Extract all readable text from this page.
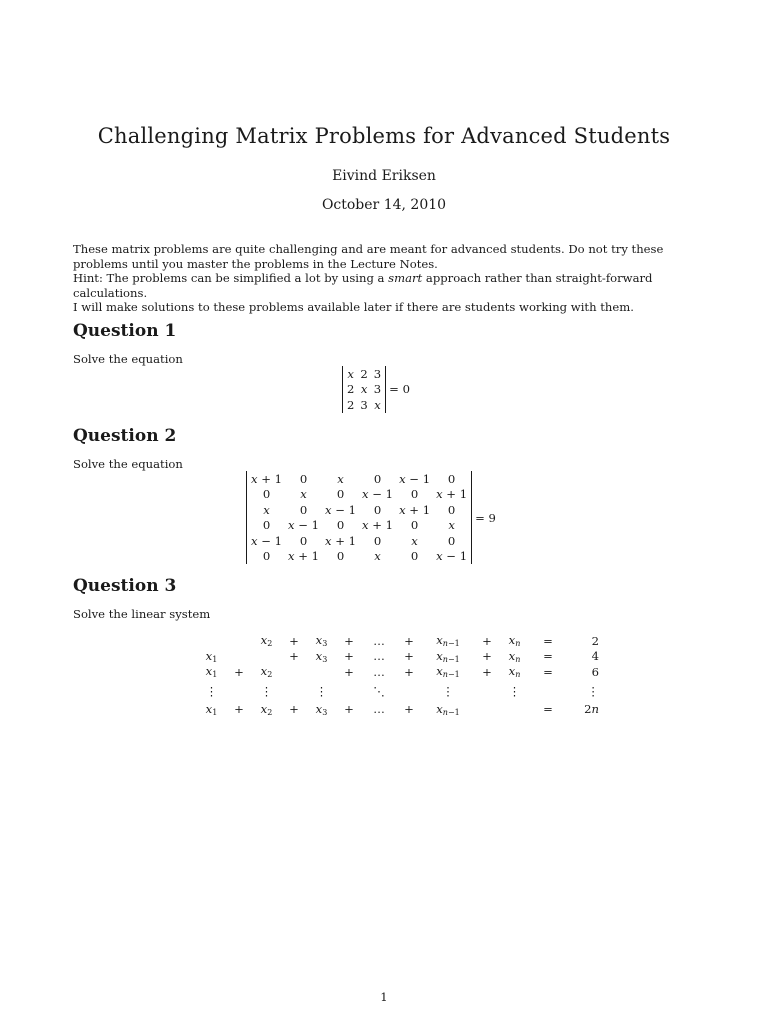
Challenging Matrix Problems for Advanced Students
Eivind Eriksen
October 14, 2010

These matrix problems are quite challenging and are meant for advanced students. Do not try these problems until you master the problems in the Lecture Notes.

Hint: The problems can be simplified a lot by using a smart approach rather than straight-forward calculations.

I will make solutions to these problems available later if there are students working with them.

Question 1
Solve the equation
x	2	3
2	x	3
2	3	x
= 0
Question 2
Solve the equation
x + 1	0	x	0	x − 1	0
0	x	0	x − 1	0	x + 1
x	0	x − 1	0	x + 1	0
0	x − 1	0	x + 1	0	x
x − 1	0	x + 1	0	x	0
0	x + 1	0	x	0	x − 1
= 9
Question 3
Solve the linear system
		$x_2$	+	$x_3$	+	…	+	$x_{n-1}$	+	$x_n$	=	2
$x_1$			+	$x_3$	+	…	+	$x_{n-1}$	+	$x_n$	=	4
$x_1$	+	$x_2$			+	…	+	$x_{n-1}$	+	$x_n$	=	6
⋮		⋮		⋮		⋱		⋮		⋮		⋮
$x_1$	+	$x_2$	+	$x_3$	+	…	+	$x_{n-1}$			=	2n
1
